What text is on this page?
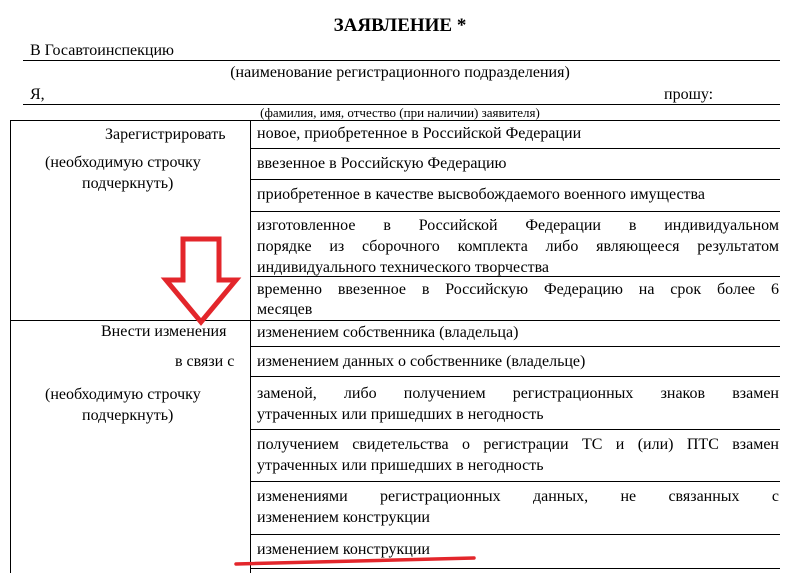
ЗАЯВЛЕНИЕ *
В Госавтоинспекцию
(наименование регистрационного подразделения)
Я,	прошу:
(фамилия, имя, отчество (при наличии) заявителя)
Зарегистрировать
(необходимую строчку
подчеркнуть)
новое, приобретенное в Российской Федерации
ввезенное в Российскую Федерацию
приобретенное в качестве высвобождаемого военного имущества
изготовленное в Российской Федерации в индивидуальном
порядке из сборочного комплекта либо являющееся результатом
индивидуального технического творчества
временно ввезенное в Российскую Федерацию на срок более 6
месяцев
Внести изменения
в связи с
(необходимую строчку
подчеркнуть)
изменением собственника (владельца)
изменением данных о собственнике (владельце)
заменой, либо получением регистрационных знаков взамен
утраченных или пришедших в негодность
получением свидетельства о регистрации ТС и (или) ПТС взамен
утраченных или пришедших в негодность
изменениями регистрационных данных, не связанных с
изменением конструкции
изменением конструкции
